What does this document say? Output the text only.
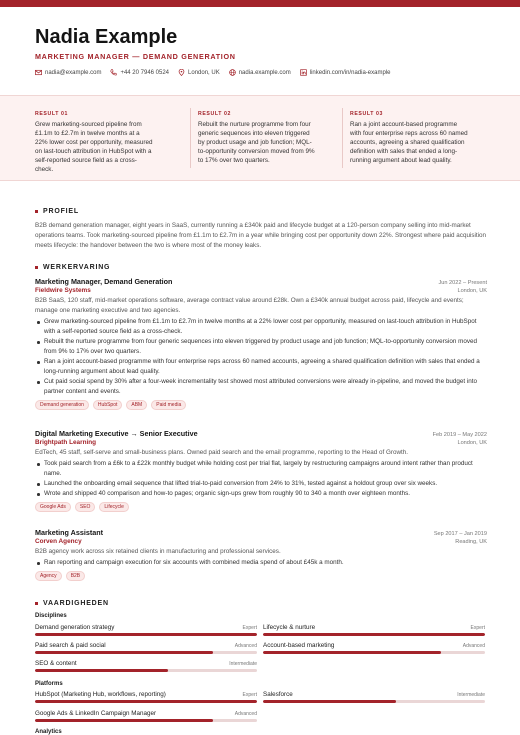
Nadia Example
MARKETING MANAGER — DEMAND GENERATION
nadia@example.com	+44 20 7946 0524	London, UK	nadia.example.com	linkedin.com/in/nadia-example
RESULT 01
Grew marketing-sourced pipeline from £1.1m to £2.7m in twelve months at a 22% lower cost per opportunity, measured on last-touch attribution in HubSpot with a self-reported source field as a cross-check.
RESULT 02
Rebuilt the nurture programme from four generic sequences into eleven triggered by product usage and job function; MQL-to-opportunity conversion moved from 9% to 17% over two quarters.
RESULT 03
Ran a joint account-based programme with four enterprise reps across 60 named accounts, agreeing a shared qualification definition with sales that ended a long-running argument about lead quality.
PROFIEL
B2B demand generation manager, eight years in SaaS, currently running a £340k paid and lifecycle budget at a 120-person company selling into mid-market operations teams. Took marketing-sourced pipeline from £1.1m to £2.7m in a year while bringing cost per opportunity down 22%. Strongest where paid acquisition meets lifecycle: the handover between the two is where most of the money leaks.
WERKERVARING
Marketing Manager, Demand Generation	Jun 2022 – Present
Fieldwire Systems	London, UK
B2B SaaS, 120 staff, mid-market operations software, average contract value around £28k. Own a £340k annual budget across paid, lifecycle and events; manage one marketing executive and two agencies.
Grew marketing-sourced pipeline from £1.1m to £2.7m in twelve months at a 22% lower cost per opportunity, measured on last-touch attribution in HubSpot with a self-reported source field as a cross-check.
Rebuilt the nurture programme from four generic sequences into eleven triggered by product usage and job function; MQL-to-opportunity conversion moved from 9% to 17% over two quarters.
Ran a joint account-based programme with four enterprise reps across 60 named accounts, agreeing a shared qualification definition with sales that ended a long-running argument about lead quality.
Cut paid social spend by 30% after a four-week incrementality test showed most attributed conversions were already in-pipeline, and moved the budget into partner content and events.
Demand generation	HubSpot	ABM	Paid media
Digital Marketing Executive → Senior Executive	Feb 2019 – May 2022
Brightpath Learning	London, UK
EdTech, 45 staff, self-serve and small-business plans. Owned paid search and the email programme, reporting to the Head of Growth.
Took paid search from a £6k to a £22k monthly budget while holding cost per trial flat, largely by restructuring campaigns around intent rather than product name.
Launched the onboarding email sequence that lifted trial-to-paid conversion from 24% to 31%, tested against a holdout group over six weeks.
Wrote and shipped 40 comparison and how-to pages; organic sign-ups grew from roughly 90 to 340 a month over eighteen months.
Google Ads	SEO	Lifecycle
Marketing Assistant	Sep 2017 – Jan 2019
Corven Agency	Reading, UK
B2B agency work across six retained clients in manufacturing and professional services.
Ran reporting and campaign execution for six accounts with combined media spend of about £45k a month.
Agency	B2B
VAARDIGHEDEN
Disciplines
Demand generation strategy	Expert Lifecycle & nurture	Expert
Paid search & paid social	Advanced Account-based marketing	Advanced
SEO & content	Intermediate
Platforms
HubSpot (Marketing Hub, workflows, reporting)	Expert Salesforce	Intermediate
Google Ads & LinkedIn Campaign Manager	Advanced
Analytics
